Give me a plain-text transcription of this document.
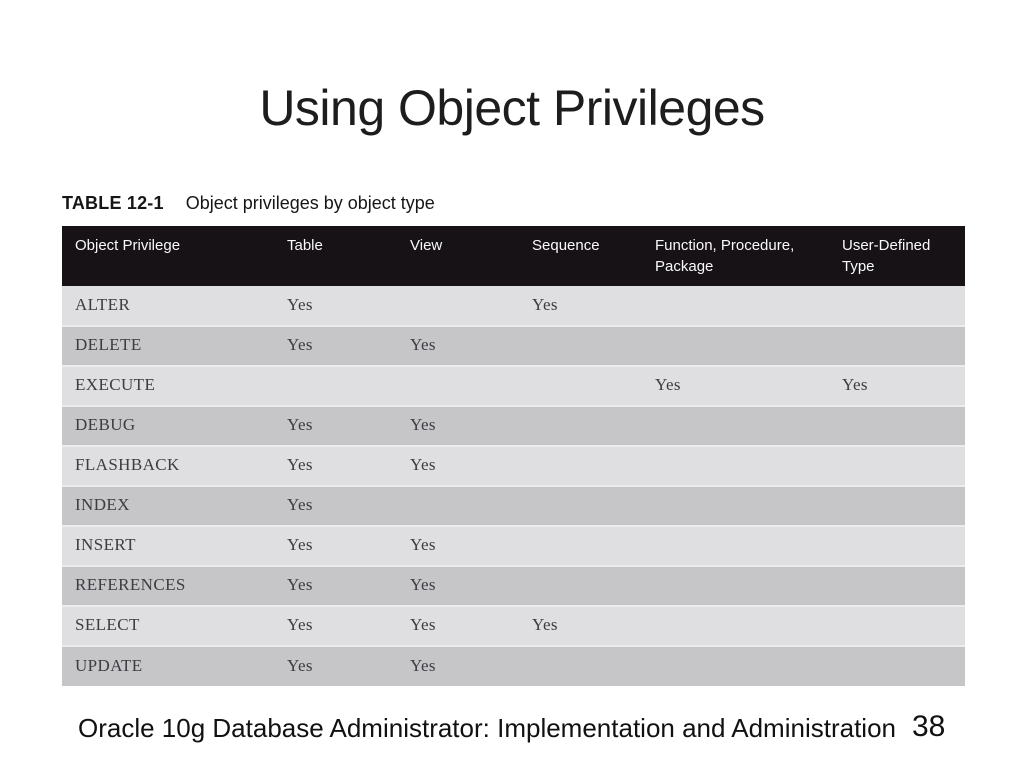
Using Object Privileges
TABLE 12-1 Object privileges by object type
Object Privilege	Table	View	Sequence	Function, Procedure, Package	User-Defined Type
ALTER	Yes		Yes		
DELETE	Yes	Yes			
EXECUTE				Yes	Yes
DEBUG	Yes	Yes			
FLASHBACK	Yes	Yes			
INDEX	Yes				
INSERT	Yes	Yes			
REFERENCES	Yes	Yes			
SELECT	Yes	Yes	Yes		
UPDATE	Yes	Yes			
Oracle 10g Database Administrator: Implementation and Administration 38
